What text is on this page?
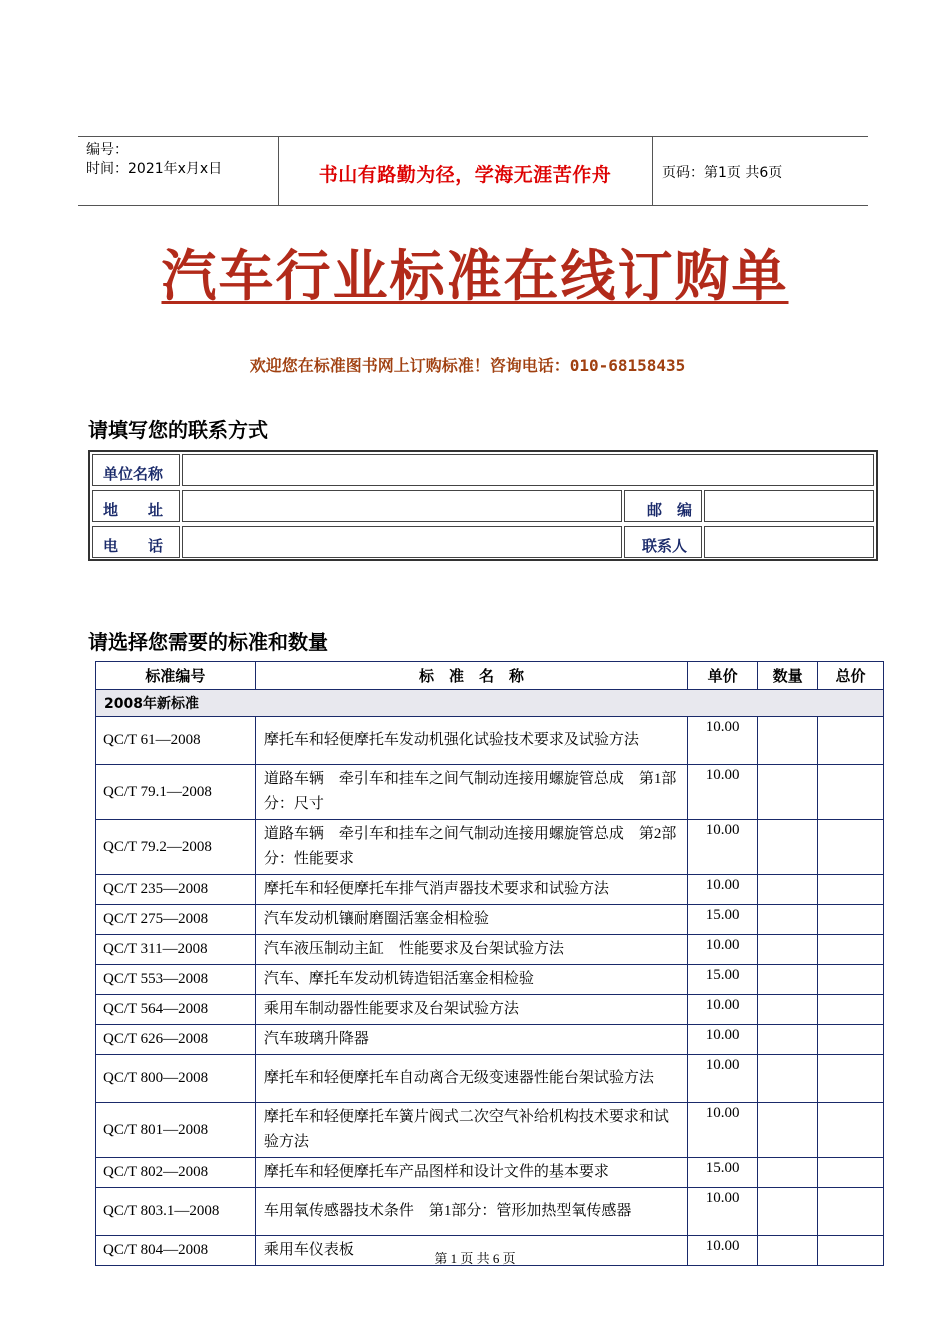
编号：
时间：2021年x月x日	书山有路勤为径，学海无涯苦作舟	页码：第1页 共6页
汽车行业标准在线订购单
欢迎您在标准图书网上订购标准！咨询电话：010-68158435
请填写您的联系方式
单位名称
地　　址	邮　编
电　　话	联系人
请选择您需要的标准和数量
标准编号	标　准　名　称	单价	数量	总价
2008年新标准				
QC/T 61—2008	摩托车和轻便摩托车发动机强化试验技术要求及试验方法	10.00		
QC/T 79.1—2008	道路车辆　牵引车和挂车之间气制动连接用螺旋管总成　第1部分：尺寸	10.00		
QC/T 79.2—2008	道路车辆　牵引车和挂车之间气制动连接用螺旋管总成　第2部分：性能要求	10.00		
QC/T 235—2008	摩托车和轻便摩托车排气消声器技术要求和试验方法	10.00		
QC/T 275—2008	汽车发动机镶耐磨圈活塞金相检验	15.00		
QC/T 311—2008	汽车液压制动主缸　性能要求及台架试验方法	10.00		
QC/T 553—2008	汽车、摩托车发动机铸造铝活塞金相检验	15.00		
QC/T 564—2008	乘用车制动器性能要求及台架试验方法	10.00		
QC/T 626—2008	汽车玻璃升降器	10.00		
QC/T 800—2008	摩托车和轻便摩托车自动离合无级变速器性能台架试验方法	10.00		
QC/T 801—2008	摩托车和轻便摩托车簧片阀式二次空气补给机构技术要求和试验方法	10.00		
QC/T 802—2008	摩托车和轻便摩托车产品图样和设计文件的基本要求	15.00		
QC/T 803.1—2008	车用氧传感器技术条件　第1部分：管形加热型氧传感器	10.00		
QC/T 804—2008	乘用车仪表板	10.00		
第 1 页 共 6 页
